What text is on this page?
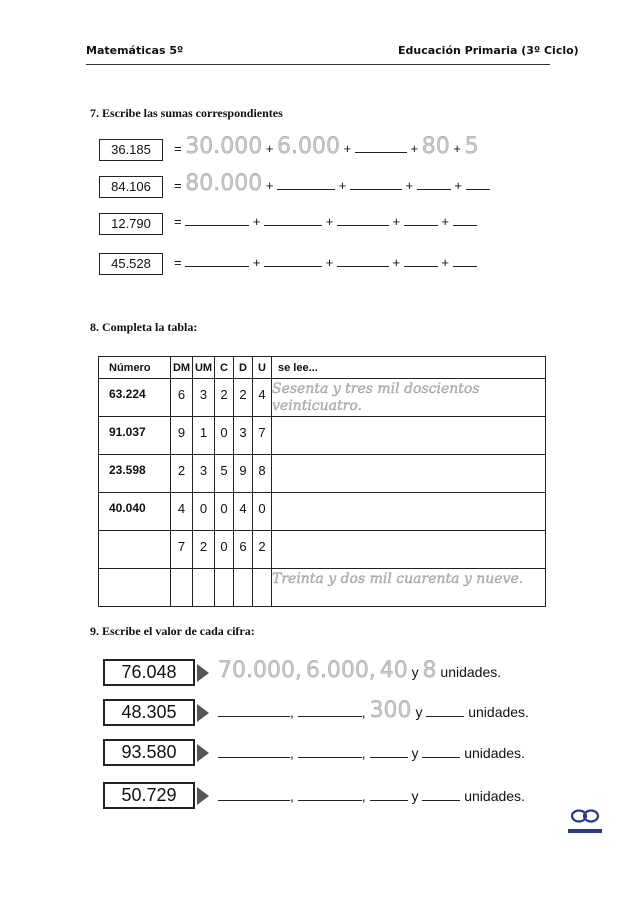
Matemáticas 5º	Educación Primaria (3º Ciclo)
7. Escribe las sumas correspondientes
36.185	= 30.000 + 6.000 +	+ 80 + 5
84.106	= 80.000 +	+	+	+
12.790	=	+	+	+	+
45.528	=	+	+	+	+
8. Completa la tabla:
Número	DM	UM	C	D	U	se lee...
63.224	6	3	2	2	4	Sesenta y tres mil doscientos veinticuatro.
91.037	9	1	0	3	7	
23.598	2	3	5	9	8	
40.040	4	0	0	4	0	
	7	2	0	6	2	
						Treinta y dos mil cuarenta y nueve.
9. Escribe el valor de cada cifra:
76.048	70.000, 6.000, 40 y 8 unidades.
48.305	,	, 300 y	unidades.
93.580	,	,	y	unidades.
50.729	,	,	y	unidades.
